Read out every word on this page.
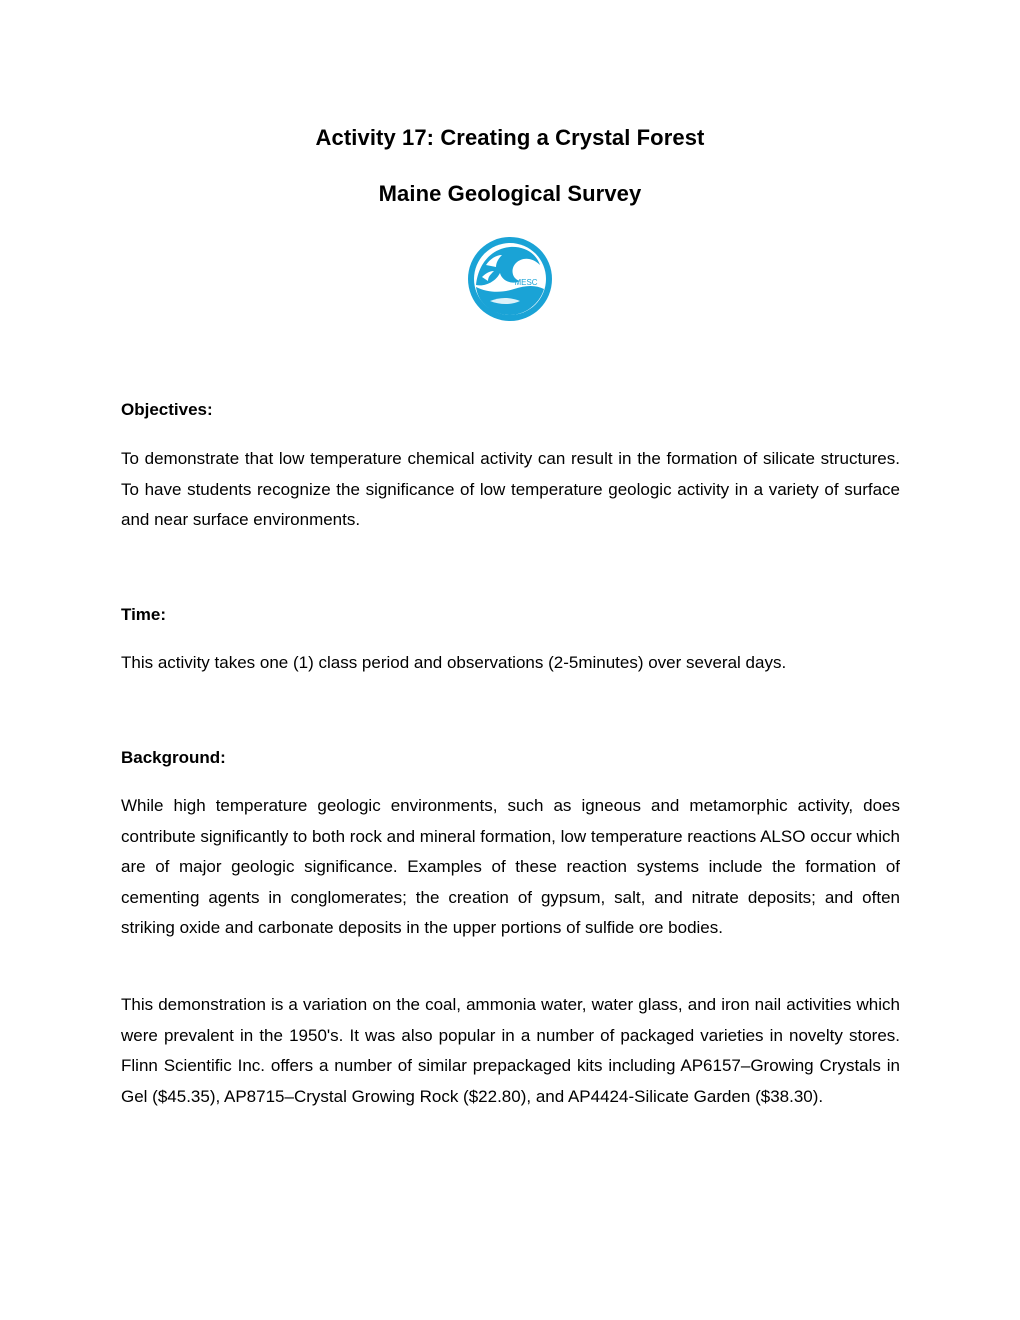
Activity 17: Creating a Crystal Forest
Maine Geological Survey
MESC
Objectives:

To demonstrate that low temperature chemical activity can result in the formation of silicate structures. To have students recognize the significance of low temperature geologic activity in a variety of surface and near surface environments.

Time:

This activity takes one (1) class period and observations (2-5minutes) over several days.

Background:

While high temperature geologic environments, such as igneous and metamorphic activity, does contribute significantly to both rock and mineral formation, low temperature reactions ALSO occur which are of major geologic significance. Examples of these reaction systems include the formation of cementing agents in conglomerates; the creation of gypsum, salt, and nitrate deposits; and often striking oxide and carbonate deposits in the upper portions of sulfide ore bodies.

This demonstration is a variation on the coal, ammonia water, water glass, and iron nail activities which were prevalent in the 1950's. It was also popular in a number of packaged varieties in novelty stores. Flinn Scientific Inc. offers a number of similar prepackaged kits including AP6157–Growing Crystals in Gel ($45.35), AP8715–Crystal Growing Rock ($22.80), and AP4424-Silicate Garden ($38.30).
